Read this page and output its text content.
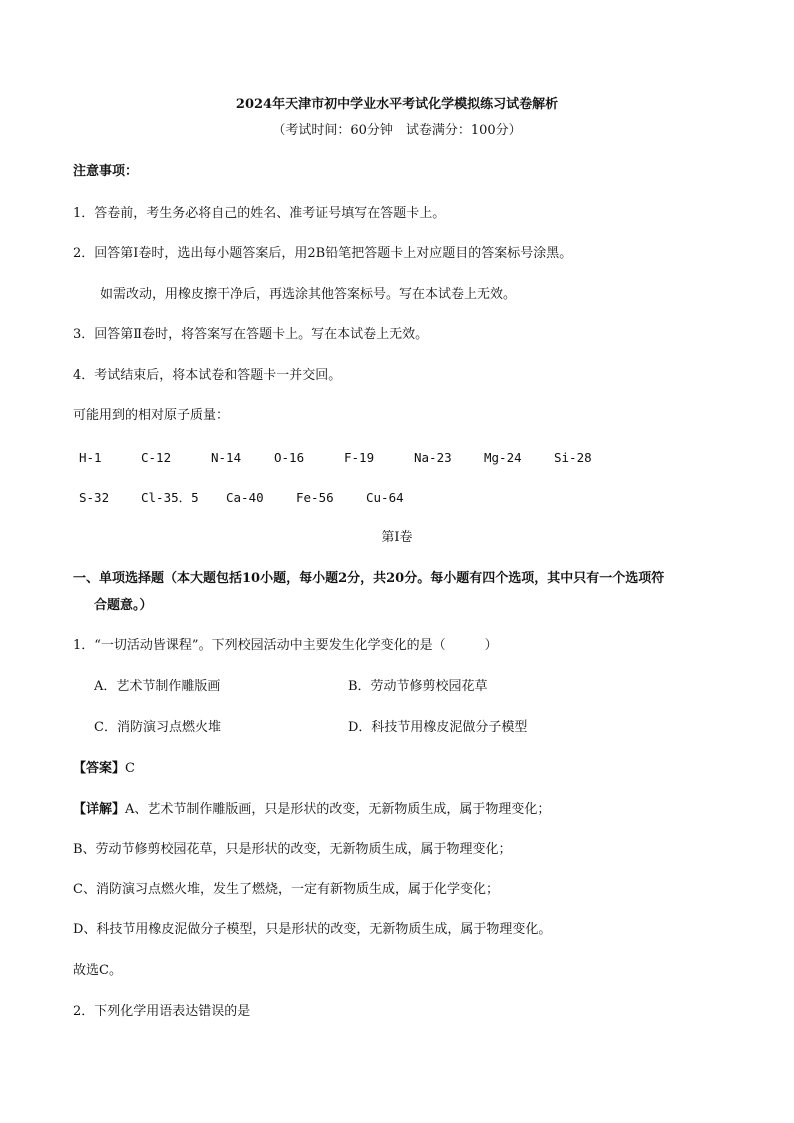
2024年天津市初中学业水平考试化学模拟练习试卷解析
（考试时间：60分钟　试卷满分：100分）
注意事项：
1．答卷前，考生务必将自己的姓名、准考证号填写在答题卡上。
2．回答第Ⅰ卷时，选出每小题答案后，用2B铅笔把答题卡上对应题目的答案标号涂黑。
如需改动，用橡皮擦干净后，再选涂其他答案标号。写在本试卷上无效。
3．回答第Ⅱ卷时，将答案写在答题卡上。写在本试卷上无效。
4．考试结束后，将本试卷和答题卡一并交回。
可能用到的相对原子质量：
H-1	C-12	N-14	O-16	F-19	Na-23	Mg-24	Si-28
S-32	Cl-35．5 Ca-40	Fe-56	Cu-64
第Ⅰ卷
一、单项选择题（本大题包括10小题，每小题2分，共20分。每小题有四个选项，其中只有一个选项符
合题意。）
1．“一切活动皆课程”。下列校园活动中主要发生化学变化的是（　　　）
A．艺术节制作雕版画	B．劳动节修剪校园花草
C．消防演习点燃火堆	D．科技节用橡皮泥做分子模型
【答案】C
【详解】A、艺术节制作雕版画，只是形状的改变，无新物质生成，属于物理变化；
B、劳动节修剪校园花草，只是形状的改变，无新物质生成，属于物理变化；
C、消防演习点燃火堆，发生了燃烧，一定有新物质生成，属于化学变化；
D、科技节用橡皮泥做分子模型，只是形状的改变，无新物质生成，属于物理变化。
故选C。
2．下列化学用语表达错误的是
